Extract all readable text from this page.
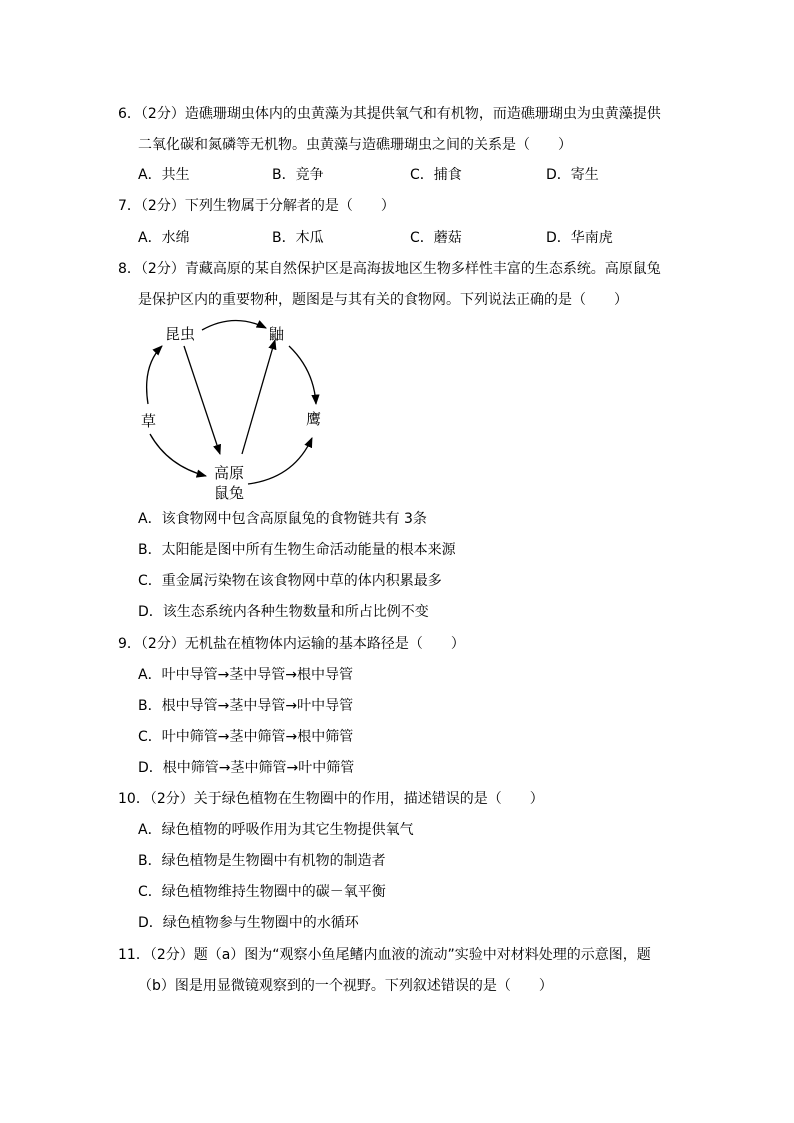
6．（2分）造礁珊瑚虫体内的虫黄藻为其提供氧气和有机物，而造礁珊瑚虫为虫黄藻提供
二氧化碳和氮磷等无机物。虫黄藻与造礁珊瑚虫之间的关系是（　　）
A．共生	B．竞争	C．捕食	D．寄生
7．（2分）下列生物属于分解者的是（　　）
A．水绵	B．木瓜	C．蘑菇	D．华南虎
8．（2分）青藏高原的某自然保护区是高海拔地区生物多样性丰富的生态系统。高原鼠兔
是保护区内的重要物种，题图是与其有关的食物网。下列说法正确的是（　　）
昆虫	鼬
草	鹰
高原
鼠兔
A．该食物网中包含高原鼠兔的食物链共有 3条
B．太阳能是图中所有生物生命活动能量的根本来源
C．重金属污染物在该食物网中草的体内积累最多
D．该生态系统内各种生物数量和所占比例不变
9．（2分）无机盐在植物体内运输的基本路径是（　　）
A．叶中导管→茎中导管→根中导管
B．根中导管→茎中导管→叶中导管
C．叶中筛管→茎中筛管→根中筛管
D．根中筛管→茎中筛管→叶中筛管
10．（2分）关于绿色植物在生物圈中的作用，描述错误的是（　　）
A．绿色植物的呼吸作用为其它生物提供氧气
B．绿色植物是生物圈中有机物的制造者
C．绿色植物维持生物圈中的碳－氧平衡
D．绿色植物参与生物圈中的水循环
11．（2分）题（a）图为“观察小鱼尾鳍内血液的流动”实验中对材料处理的示意图，题
（b）图是用显微镜观察到的一个视野。下列叙述错误的是（　　）
